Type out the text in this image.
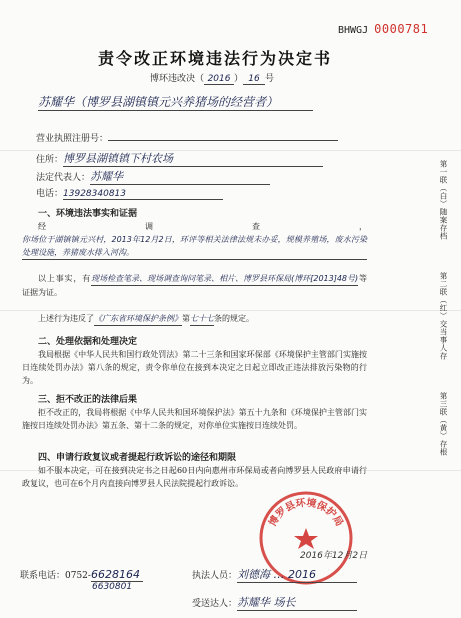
BHWGJ 0000781
责令改正环境违法行为决定书
博环违改决（ 2016 ） 16 号
苏耀华（博罗县湖镇镇元兴养猪场的经营者）
营业执照注册号：
住所：博罗县湖镇镇下村农场
法定代表人：苏耀华
电话：13928340813
一、环境违法事实和证据
经调查，你场位于湖镇镇元兴村，2013年12月2日，环评等相关法律法规未办妥，规模养殖场，废水污染处理设施，养猪废水排入河沟。
以上事实，有现场检查笔录、现场调查询问笔录、相片、博罗县环保局(博环[2013]48号)等证据为证。
上述行为违反了《广东省环境保护条例》第七十七条的规定。
二、处理依据和处理决定
我局根据《中华人民共和国行政处罚法》第二十三条和国家环保部《环境保护主管部门实施按日连续处罚办法》第八条的规定，责令你单位在接到本决定之日起立即改正违法排放污染物的行为。
三、拒不改正的法律后果
拒不改正的，我局将根据《中华人民共和国环境保护法》第五十九条和《环境保护主管部门实施按日连续处罚办法》第五条、第十二条的规定，对你单位实施按日连续处罚。
四、申请行政复议或者提起行政诉讼的途径和期限
如不服本决定，可在接到决定书之日起60日内向惠州市环保局或者向博罗县人民政府申请行政复议，也可在6个月内直接向博罗县人民法院提起行政诉讼。
博罗县环境保护局
2016年12月2日
联系电话：0752-6628164
6630801
执法人员：刘德海 … 2016
受送达人：苏耀华 场长
第一联（白）随案存档
第二联（红）交当事人存
第三联（黄）存根
